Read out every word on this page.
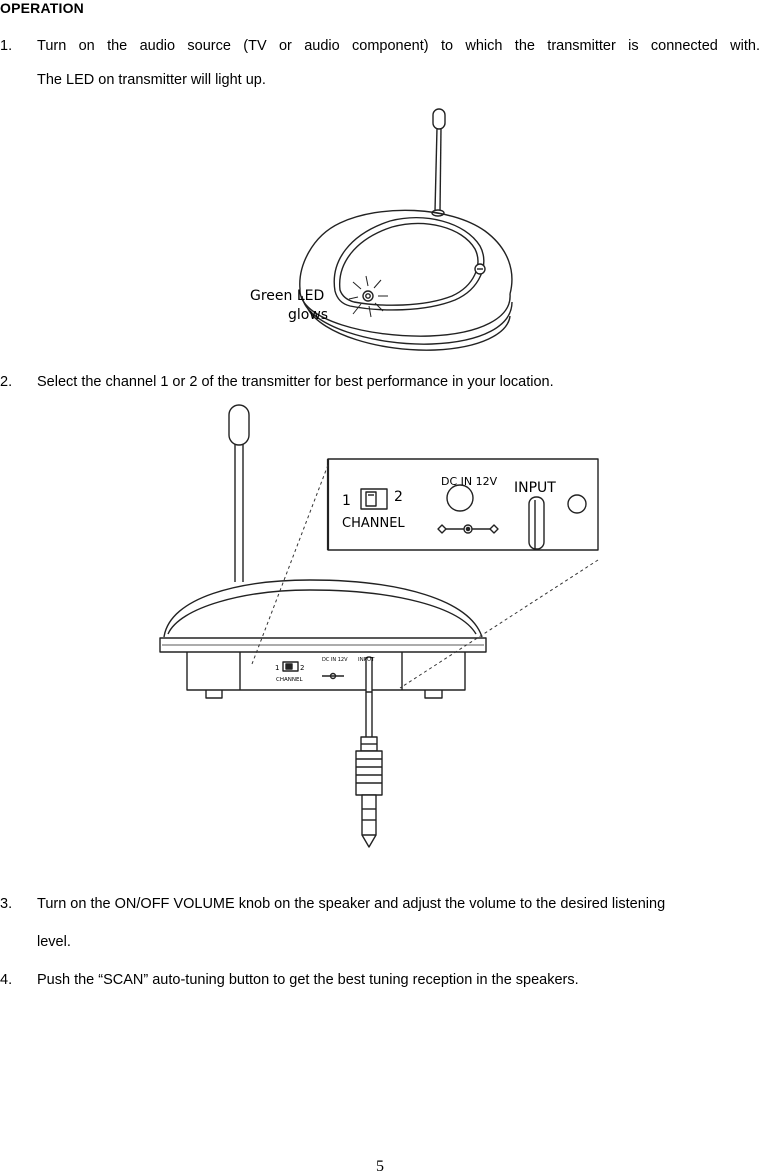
OPERATION
1. Turn on the audio source (TV or audio component) to which the transmitter is connected with.
The LED on transmitter will light up.
Green LED
glows
2. Select the channel 1 or 2 of the transmitter for best performance in your location.
1	2
CHANNEL
DC IN 12V INPUT
1	2
CHANNEL
DC IN 12V INPUT
3. Turn on the ON/OFF VOLUME knob on the speaker and adjust the volume to the desired listening
level.
4. Push the “SCAN” auto-tuning button to get the best tuning reception in the speakers.
5
